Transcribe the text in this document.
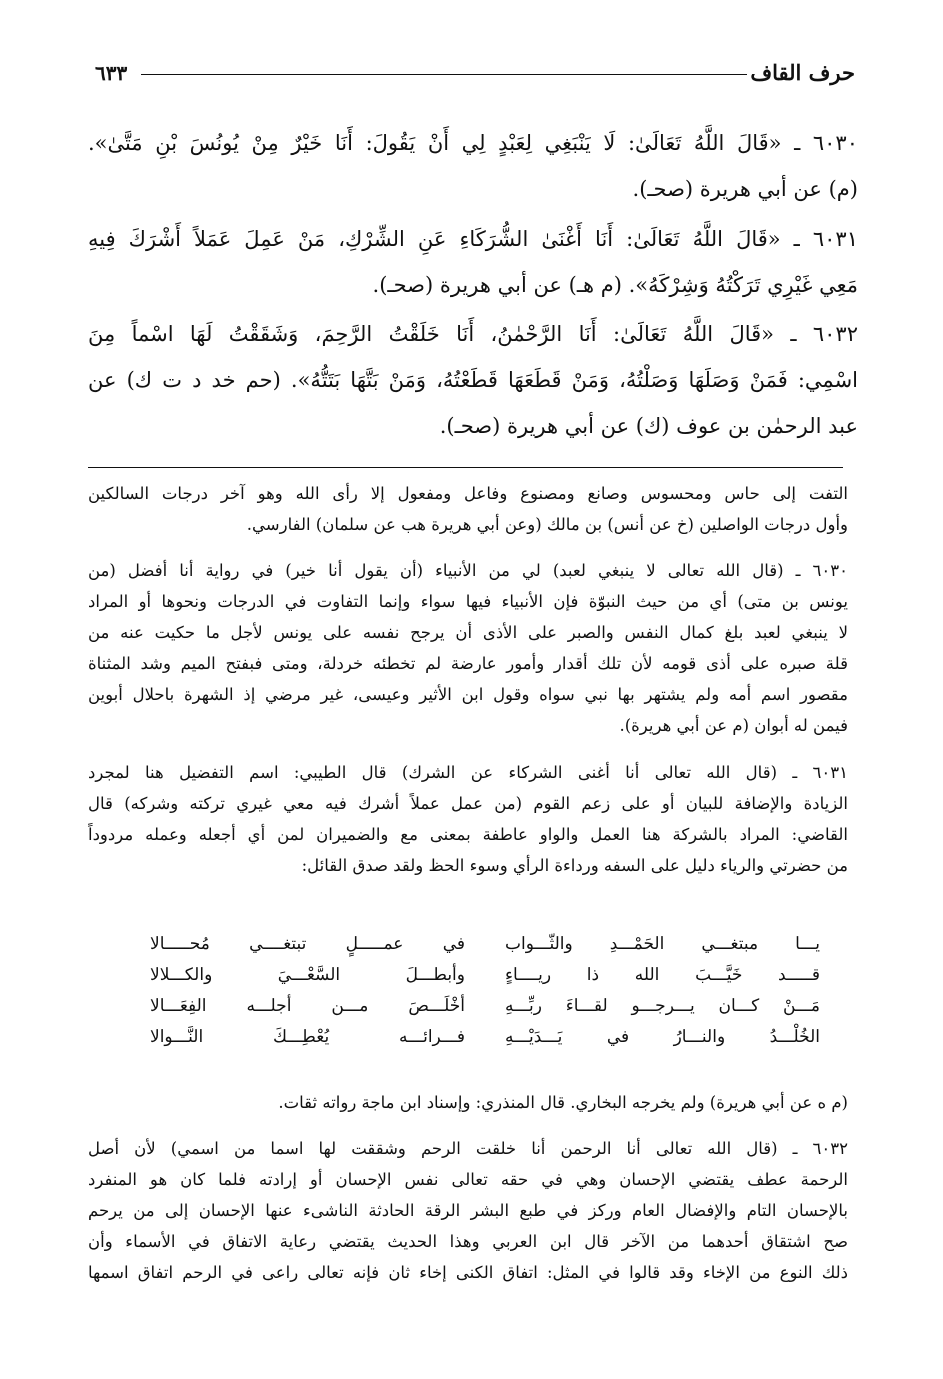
حرف القاف
٦٣٣
٦٠٣٠ ـ «قَالَ اللَّهُ تَعَالَىٰ: لَا يَنْبَغِي لِعَبْدٍ لِي أَنْ يَقُولَ: أَنَا خَيْرٌ مِنْ يُونُسَ بْنِ مَتَّىٰ».
(م) عن أبي هريرة (صحـ).
٦٠٣١ ـ «قَالَ اللَّهُ تَعَالَىٰ: أَنَا أَغْنَىٰ الشُّرَكَاءِ عَنِ الشِّرْكِ، مَنْ عَمِلَ عَمَلاً أَشْرَكَ فِيهِ
مَعِي غَيْرِي تَرَكْتُهُ وَشِرْكَهُ». (م هـ) عن أبي هريرة (صحـ).
٦٠٣٢ ـ «قَالَ اللَّهُ تَعَالَىٰ: أَنَا الرَّحْمٰنُ، أَنَا خَلَقْتُ الرَّحِمَ، وَشَقَقْتُ لَهَا اسْماً مِنَ
اسْمِي: فَمَنْ وَصَلَهَا وَصَلْتُهُ، وَمَنْ قَطَعَهَا قَطَعْتُهُ، وَمَنْ بَتَّهَا بَتَتُّهُ». (حم خد د ت ك) عن
عبد الرحمٰن بن عوف (ك) عن أبي هريرة (صحـ).
التفت إلى حاس ومحسوس وصانع ومصنوع وفاعل ومفعول إلا رأى الله وهو آخر درجات السالكين
وأول درجات الواصلين (خ عن أنس) بن مالك (وعن أبي هريرة هب عن سلمان) الفارسي.
٦٠٣٠ ـ (قال الله تعالى لا ينبغي لعبد) لي من الأنبياء (أن يقول أنا خير) في رواية أنا أفضل (من
يونس بن متى) أي من حيث النبوّة فإن الأنبياء فيها سواء وإنما التفاوت في الدرجات ونحوها أو المراد
لا ينبغي لعبد بلغ كمال النفس والصبر على الأذى أن يرجح نفسه على يونس لأجل ما حكيت عنه من
قلة صبره على أذى قومه لأن تلك أقدار وأمور عارضة لم تخطئه خردلة، ومتى فبفتح الميم وشد المثناة
مقصور اسم أمه ولم يشتهر بها نبي سواه وقول ابن الأثير وعيسى، غير مرضي إذ الشهرة باحلال أبوين
فيمن له أبوان (م عن أبي هريرة).
٦٠٣١ ـ (قال الله تعالى أنا أغنى الشركاء عن الشرك) قال الطيبي: اسم التفضيل هنا لمجرد
الزيادة والإضافة للبيان أو على زعم القوم (من عمل عملاً أشرك فيه معي غيري تركته وشركه) قال
القاضي: المراد بالشركة هنا العمل والواو عاطفة بمعنى مع والضميران لمن أي أجعله وعمله مردوداً
من حضرتي والرياء دليل على السفه ورداءة الرأي وسوء الحظ ولقد صدق القائل:
يـــا مبتغـــي الحَمْـــدِ والثّـــواب
في عمـــــلٍ تبتغــــي مُحـــــالا
قـــــد خَيَّـــبَ الله ذا ريــــاءٍ
وأبطـــلَ السَّعْـــيَ والكـــلالا
مَـــنْ كـــان يـــرجـــو لقـــاءَ ربِّـــهِ
أخْلَـــصَ مـــن أجلـــه الفِعَـــالا
الخُلْـــدُ والنـــارُ في يَـــدَيْـــهِ
فـــرائـــه يُعْطِـــكَ النَّـــوالا
(م ه عن أبي هريرة) ولم يخرجه البخاري. قال المنذري: وإسناد ابن ماجة رواته ثقات.
٦٠٣٢ ـ (قال الله تعالى أنا الرحمن أنا خلقت الرحم وشققت لها اسما من اسمي) لأن أصل
الرحمة عطف يقتضي الإحسان وهي في حقه تعالى نفس الإحسان أو إرادته فلما كان هو المنفرد
بالإحسان التام والإفضال العام وركز في طبع البشر الرقة الحادثة الناشىء عنها الإحسان إلى من يرحم
صح اشتقاق أحدهما من الآخر قال ابن العربي وهذا الحديث يقتضي رعاية الاتفاق في الأسماء وأن
ذلك النوع من الإخاء وقد قالوا في المثل: اتفاق الكنى إخاء ثان فإنه تعالى راعى في الرحم اتفاق اسمها
